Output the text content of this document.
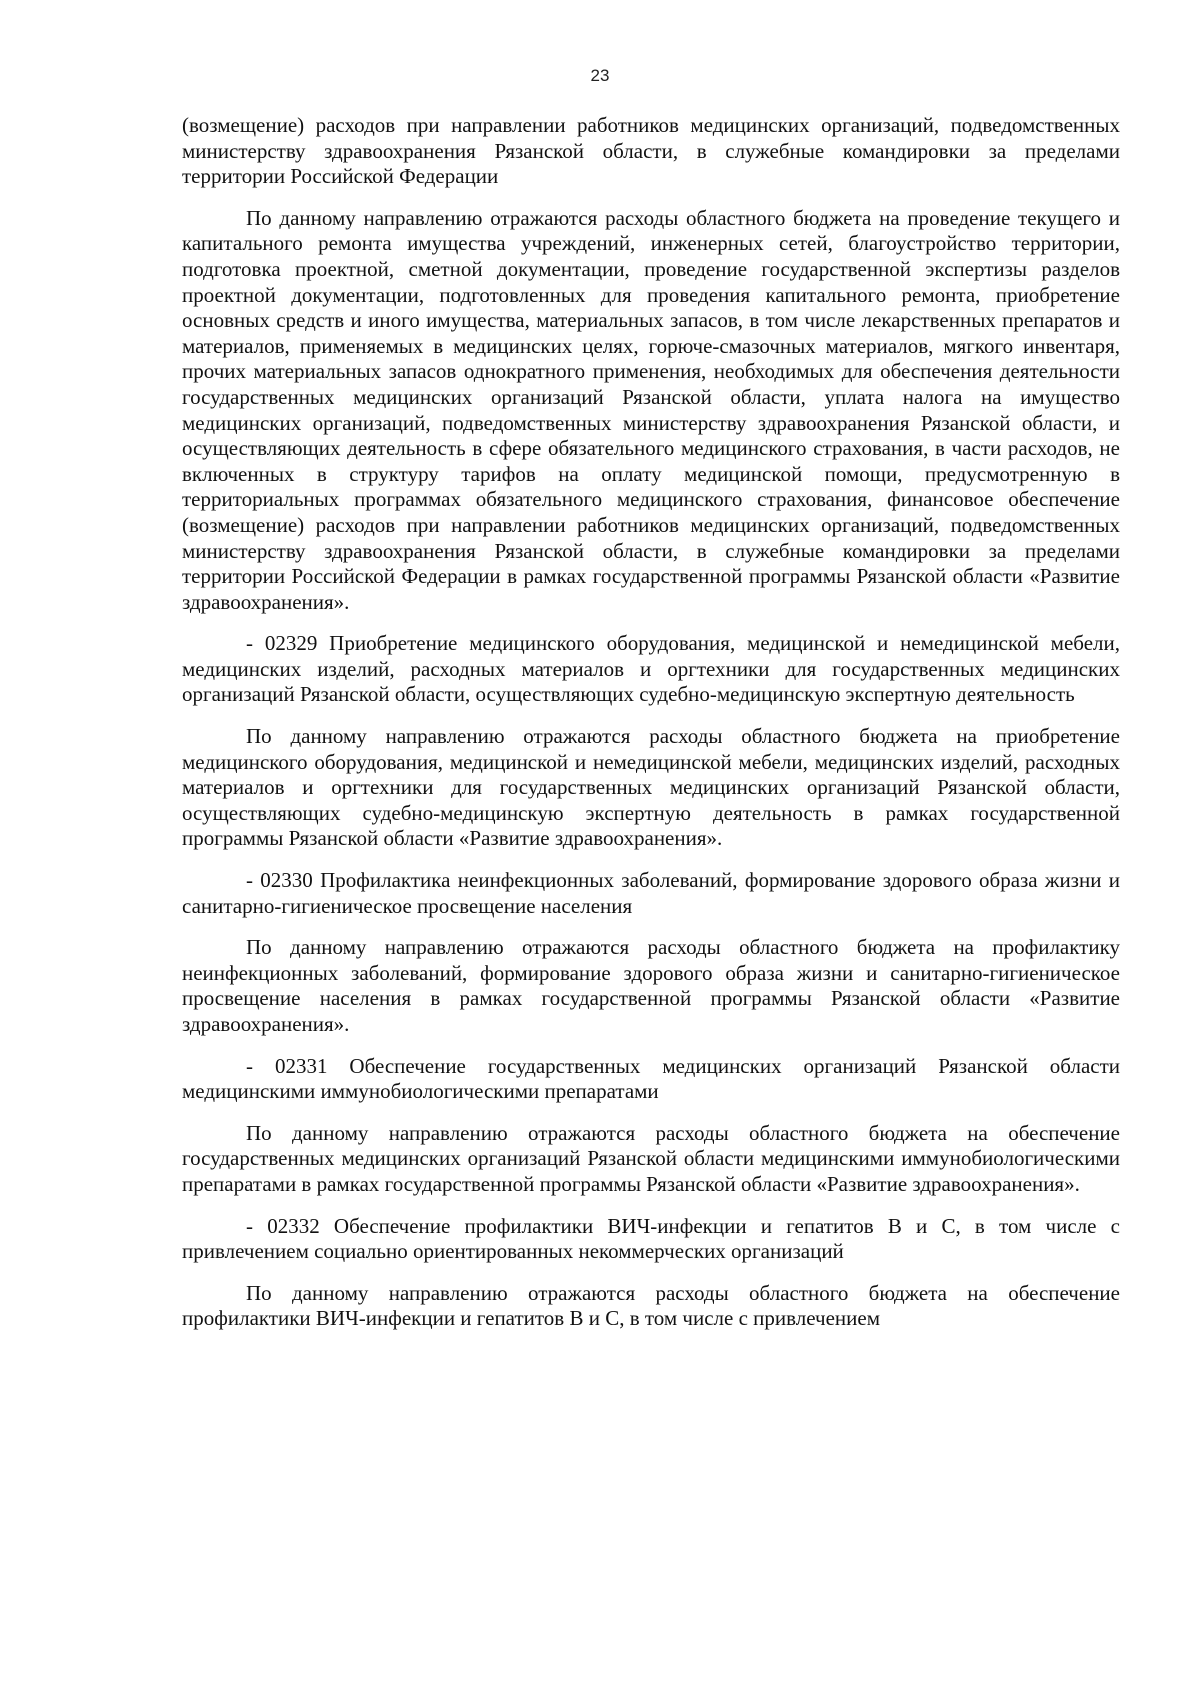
23

(возмещение) расходов при направлении работников медицинских организаций, подведомственных министерству здравоохранения Рязанской области, в служебные командировки за пределами территории Российской Федерации

По данному направлению отражаются расходы областного бюджета на проведение текущего и капитального ремонта имущества учреждений, инженерных сетей, благоустройство территории, подготовка проектной, сметной документации, проведение государственной экспертизы разделов проектной документации, подготовленных для проведения капитального ремонта, приобретение основных средств и иного имущества, материальных запасов, в том числе лекарственных препаратов и материалов, применяемых в медицинских целях, горюче-смазочных материалов, мягкого инвентаря, прочих материальных запасов однократного применения, необходимых для обеспечения деятельности государственных медицинских организаций Рязанской области, уплата налога на имущество медицинских организаций, подведомственных министерству здравоохранения Рязанской области, и осуществляющих деятельность в сфере обязательного медицинского страхования, в части расходов, не включенных в структуру тарифов на оплату медицинской помощи, предусмотренную в территориальных программах обязательного медицинского страхования, финансовое обеспечение (возмещение) расходов при направлении работников медицинских организаций, подведомственных министерству здравоохранения Рязанской области, в служебные командировки за пределами территории Российской Федерации в рамках государственной программы Рязанской области «Развитие здравоохранения».

- 02329 Приобретение медицинского оборудования, медицинской и немедицинской мебели, медицинских изделий, расходных материалов и оргтехники для государственных медицинских организаций Рязанской области, осуществляющих судебно-медицинскую экспертную деятельность

По данному направлению отражаются расходы областного бюджета на приобретение медицинского оборудования, медицинской и немедицинской мебели, медицинских изделий, расходных материалов и оргтехники для государственных медицинских организаций Рязанской области, осуществляющих судебно-медицинскую экспертную деятельность в рамках государственной программы Рязанской области «Развитие здравоохранения».

- 02330 Профилактика неинфекционных заболеваний, формирование здорового образа жизни и санитарно-гигиеническое просвещение населения

По данному направлению отражаются расходы областного бюджета на профилактику неинфекционных заболеваний, формирование здорового образа жизни и санитарно-гигиеническое просвещение населения в рамках государственной программы Рязанской области «Развитие здравоохранения».

- 02331 Обеспечение государственных медицинских организаций Рязанской области медицинскими иммунобиологическими препаратами

По данному направлению отражаются расходы областного бюджета на обеспечение государственных медицинских организаций Рязанской области медицинскими иммунобиологическими препаратами в рамках государственной программы Рязанской области «Развитие здравоохранения».

- 02332 Обеспечение профилактики ВИЧ-инфекции и гепатитов В и С, в том числе с привлечением социально ориентированных некоммерческих организаций

По данному направлению отражаются расходы областного бюджета на обеспечение профилактики ВИЧ-инфекции и гепатитов В и С, в том числе с привлечением
